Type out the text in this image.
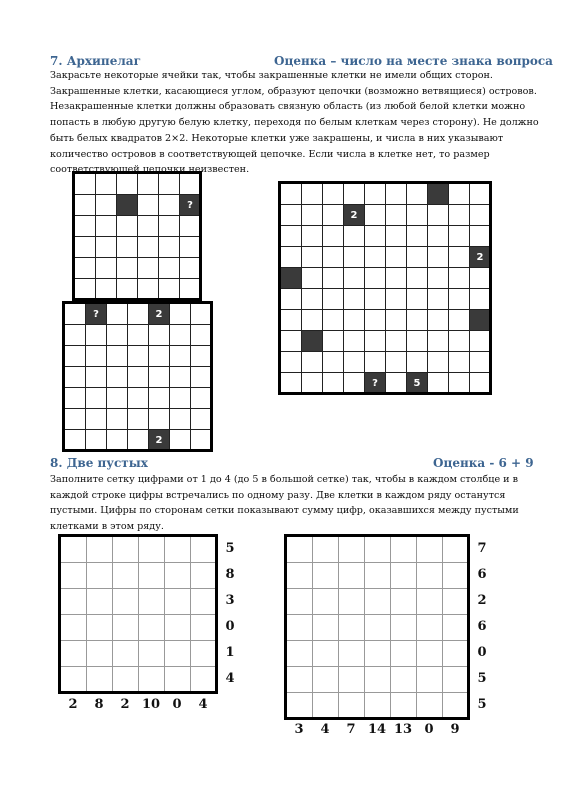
7. Архипелаг	Оценка – число на месте знака вопроса
Закрасьте некоторые ячейки так, чтобы закрашенные клетки не имели общих сторон.
Закрашенные клетки, касающиеся углом, образуют цепочки (возможно ветвящиеся) островов.
Незакрашенные клетки должны образовать связную область (из любой белой клетки можно
попасть в любую другую белую клетку, переходя по белым клеткам через сторону). Не должно
быть белых квадратов 2×2. Некоторые клетки уже закрашены, и числа в них указывают
количество островов в соответствующей цепочке. Если числа в клетке нет, то размер
соответствующей цепочки неизвестен.

					?

	?			2		

				2		

			2						

									2

				?		5			
8. Две пустых	Оценка - 6 + 9
Заполните сетку цифрами от 1 до 4 (до 5 в большой сетке) так, чтобы в каждом столбце и в
каждой строке цифры встречались по одному разу. Две клетки в каждом ряду останутся
пустыми. Цифры по сторонам сетки показывают сумму цифр, оказавшихся между пустыми
клетками в этом ряду.

5
8
3
0
1
4
2	8	2 10 0	4

7
6
2
6
0
5
5
3	4	7 14 13 0	9
